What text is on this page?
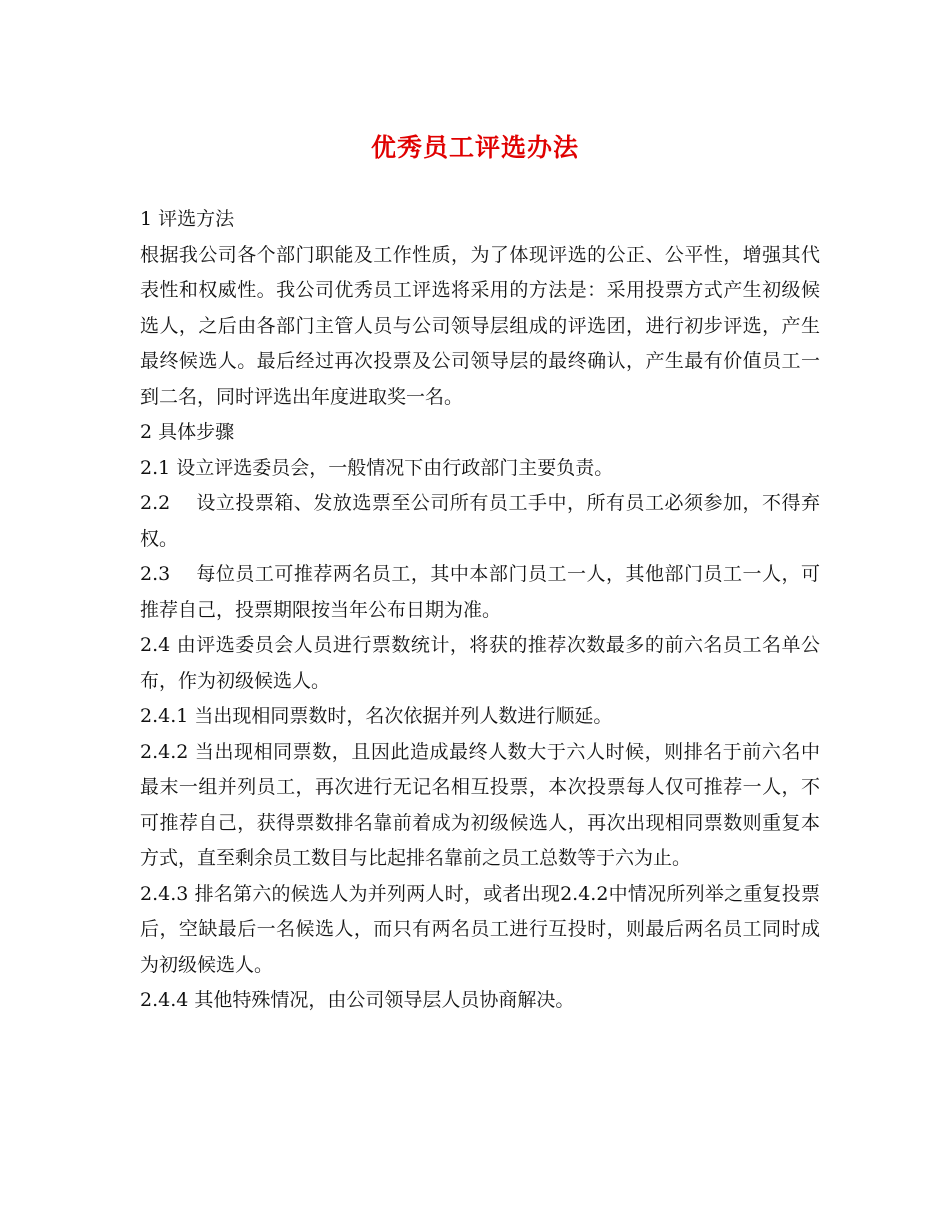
优秀员工评选办法

1 评选方法

根据我公司各个部门职能及工作性质，为了体现评选的公正、公平性，增强其代表性和权威性。我公司优秀员工评选将采用的方法是：采用投票方式产生初级候选人，之后由各部门主管人员与公司领导层组成的评选团，进行初步评选，产生最终候选人。最后经过再次投票及公司领导层的最终确认，产生最有价值员工一到二名，同时评选出年度进取奖一名。

2 具体步骤

2.1 设立评选委员会，一般情况下由行政部门主要负责。

2.2    设立投票箱、发放选票至公司所有员工手中，所有员工必须参加，不得弃权。

2.3    每位员工可推荐两名员工，其中本部门员工一人，其他部门员工一人，可推荐自己，投票期限按当年公布日期为准。

2.4 由评选委员会人员进行票数统计，将获的推荐次数最多的前六名员工名单公布，作为初级候选人。

2.4.1 当出现相同票数时，名次依据并列人数进行顺延。

2.4.2 当出现相同票数，且因此造成最终人数大于六人时候，则排名于前六名中最末一组并列员工，再次进行无记名相互投票，本次投票每人仅可推荐一人，不可推荐自己，获得票数排名靠前着成为初级候选人，再次出现相同票数则重复本方式，直至剩余员工数目与比起排名靠前之员工总数等于六为止。

2.4.3 排名第六的候选人为并列两人时，或者出现2.4.2中情况所列举之重复投票后，空缺最后一名候选人，而只有两名员工进行互投时，则最后两名员工同时成为初级候选人。

2.4.4 其他特殊情况，由公司领导层人员协商解决。
